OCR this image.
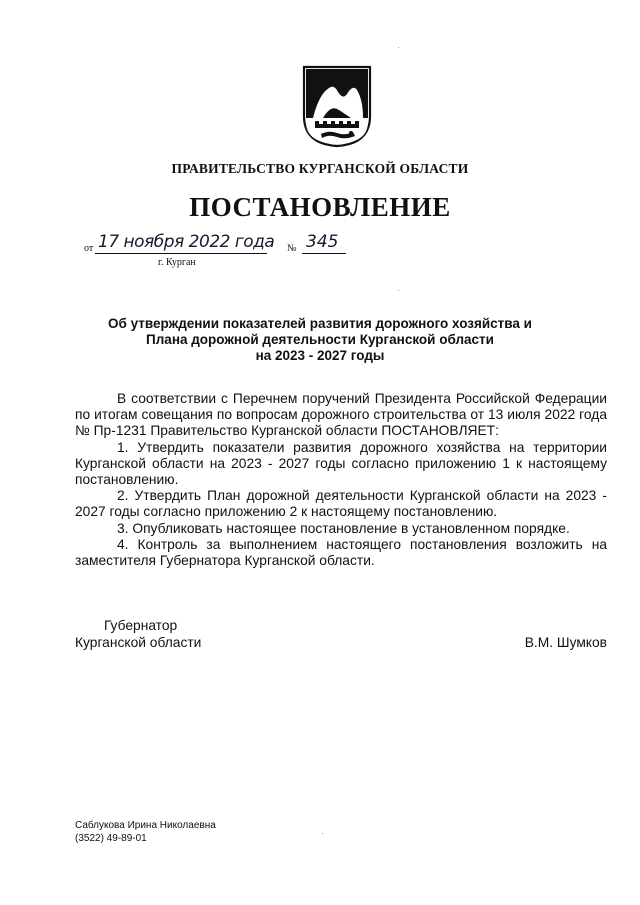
ПРАВИТЕЛЬСТВО КУРГАНСКОЙ ОБЛАСТИ
ПОСТАНОВЛЕНИЕ
от 17 ноября 2022 года № 345
г. Курган
Об утверждении показателей развития дорожного хозяйства и
Плана дорожной деятельности Курганской области
на 2023 - 2027 годы

В соответствии с Перечнем поручений Президента Российской Федерации по итогам совещания по вопросам дорожного строительства от 13 июля 2022 года № Пр-1231 Правительство Курганской области ПОСТАНОВЛЯЕТ:

1. Утвердить показатели развития дорожного хозяйства на территории Курганской области на 2023 - 2027 годы согласно приложению 1 к настоящему постановлению.

2. Утвердить План дорожной деятельности Курганской области на 2023 - 2027 годы согласно приложению 2 к настоящему постановлению.

3. Опубликовать настоящее постановление в установленном порядке.

4. Контроль за выполнением настоящего постановления возложить на заместителя Губернатора Курганской области.

Губернатор
Курганской области	В.М. Шумков
Саблукова Ирина Николаевна
(3522) 49-89-01
